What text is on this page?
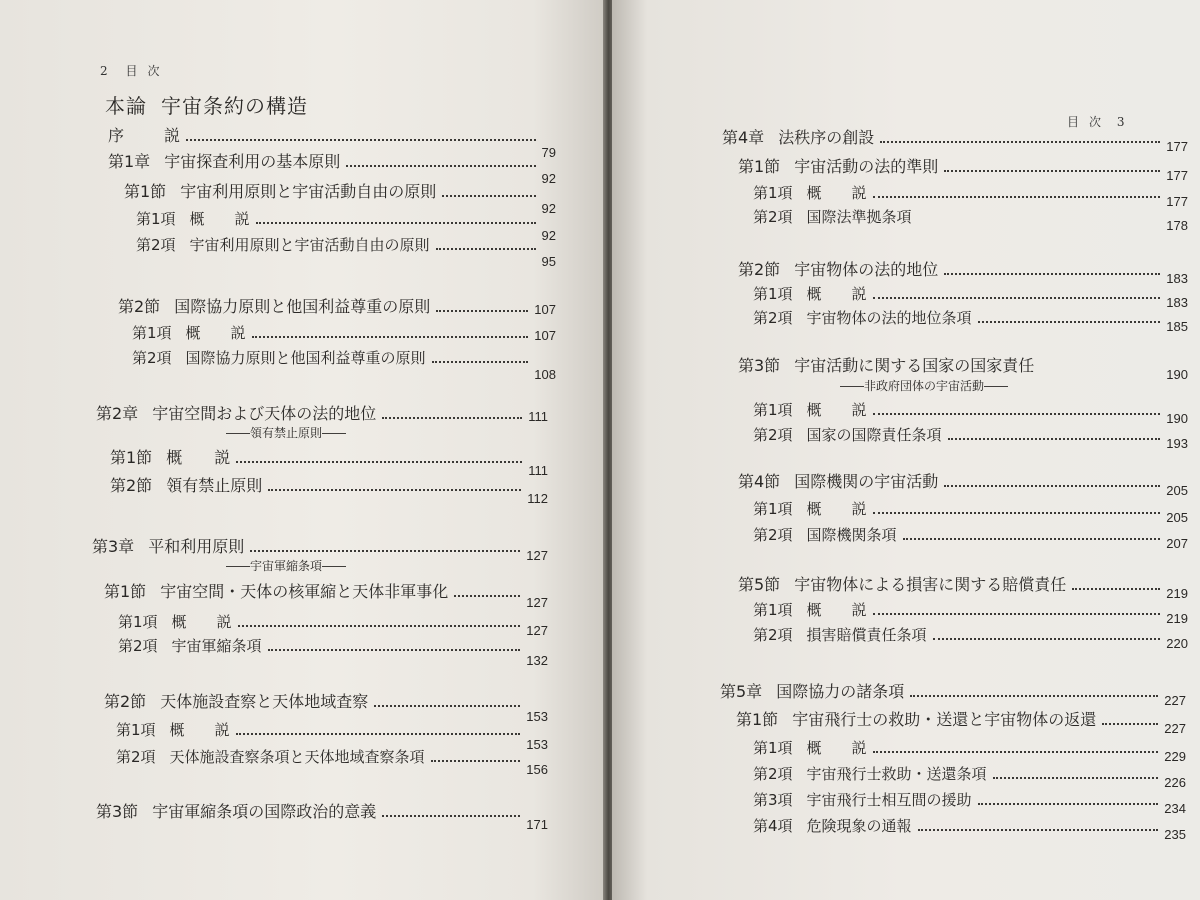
2 目次
本論 宇宙条約の構造
序	説
79
第1章 宇宙探査利用の基本原則
92
第1節 宇宙利用原則と宇宙活動自由の原則
92
第1項 概　　説
92
第2項 宇宙利用原則と宇宙活動自由の原則
95
第2節 国際協力原則と他国利益尊重の原則	107
第1項 概　　説	107
第2項 国際協力原則と他国利益尊重の原則
108
第2章 宇宙空間および天体の法的地位	111
――領有禁止原則――
第1節 概　　説
111
第2節 領有禁止原則
112
第3章 平和利用原則	127
――宇宙軍縮条項――
第1節 宇宙空間・天体の核軍縮と天体非軍事化
127
第1項 概　　説	127
第2項 宇宙軍縮条項
132
第2節 天体施設査察と天体地域査察
153
第1項 概　　説
153
第2項 天体施設査察条項と天体地域査察条項
156
第3節 宇宙軍縮条項の国際政治的意義
171
目次 3
第4章 法秩序の創設	177
第1節 宇宙活動の法的準則	177
第1項 概　　説	177
第2項 国際法準拠条項	178
第2節 宇宙物体の法的地位	183
第1項 概　　説	183
第2項 宇宙物体の法的地位条項	185
第3節 宇宙活動に関する国家の国家責任	190
――非政府団体の宇宙活動――
第1項 概　　説	190
第2項 国家の国際責任条項	193
第4節 国際機関の宇宙活動	205
第1項 概　　説	205
第2項 国際機関条項	207
第5節 宇宙物体による損害に関する賠償責任	219
第1項 概　　説	219
第2項 損害賠償責任条項	220
第5章 国際協力の諸条項	227
第1節 宇宙飛行士の救助・送還と宇宙物体の返還	227
第1項 概　　説	229
第2項 宇宙飛行士救助・送還条項	226
第3項 宇宙飛行士相互間の援助	234
第4項 危険現象の通報	235
